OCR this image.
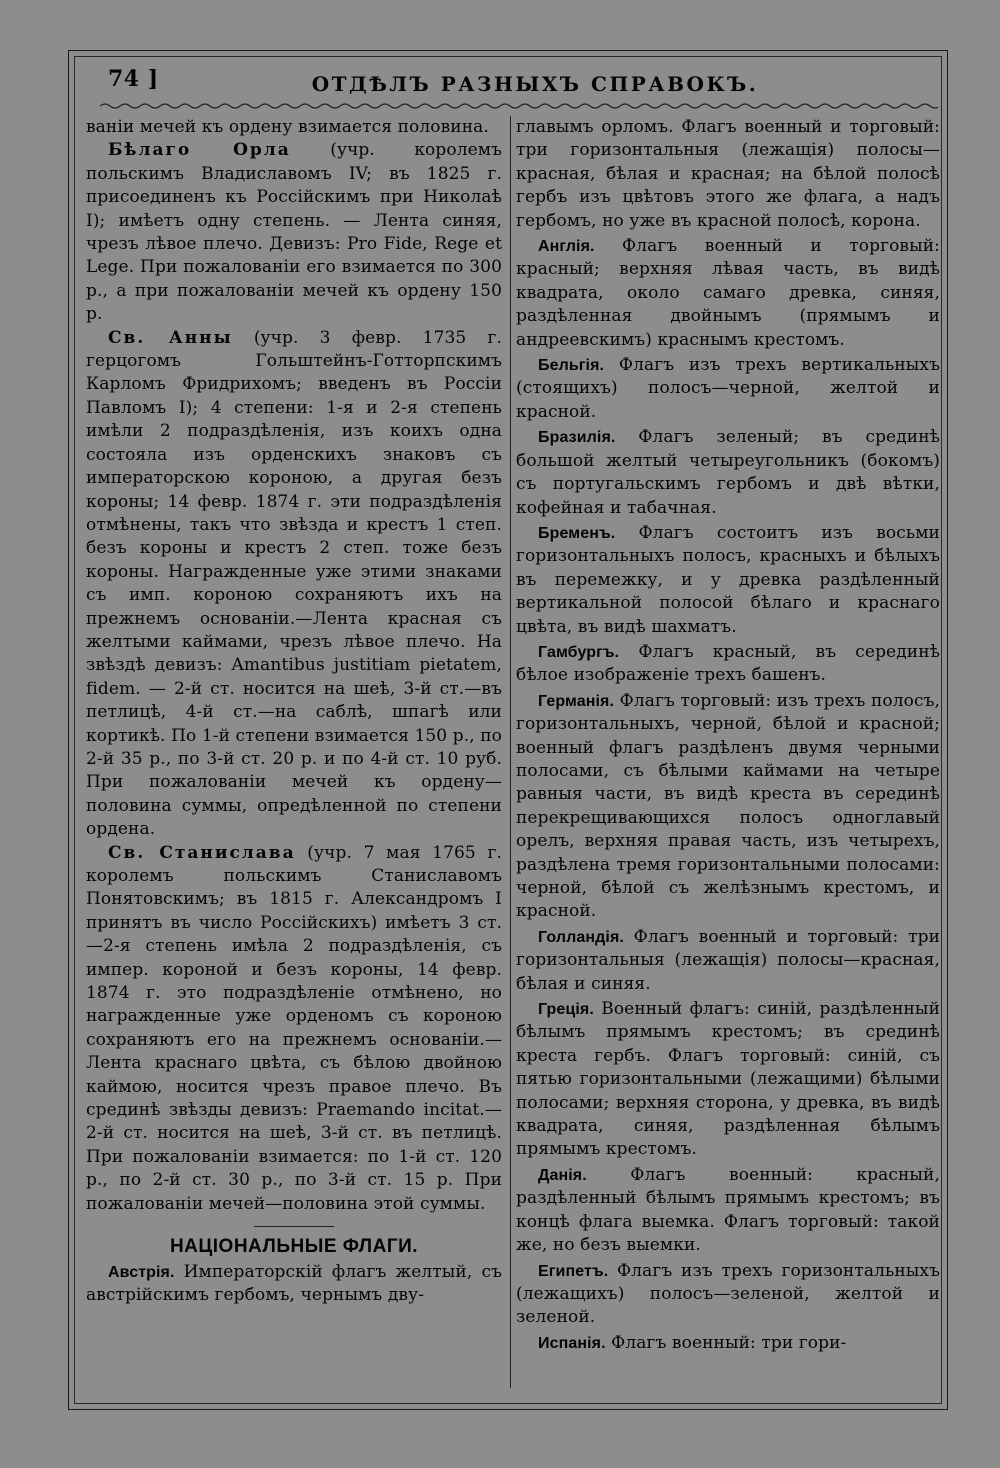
74 ]	ОТДѢЛЪ РАЗНЫХЪ СПРАВОКЪ.

ваніи мечей къ ордену взимается половина.

Бѣлаго Орла (учр. королемъ польскимъ Владиславомъ IV; въ 1825 г. присоединенъ къ Россійскимъ при Николаѣ I); имѣетъ одну степень. — Лента синяя, чрезъ лѣвое плечо. Девизъ: Pro Fide, Rege et Lege. При пожалованіи его взимается по 300 р., а при пожалованіи мечей къ ордену 150 р.

Св. Анны (учр. 3 февр. 1735 г. герцогомъ Гольштейнъ-Готторпскимъ Карломъ Фридрихомъ; введенъ въ Россіи Павломъ I); 4 степени: 1-я и 2-я степень имѣли 2 подраздѣленія, изъ коихъ одна состояла изъ орденскихъ знаковъ съ императорскою короною, а другая безъ короны; 14 февр. 1874 г. эти подраздѣленія отмѣнены, такъ что звѣзда и крестъ 1 степ. безъ короны и крестъ 2 степ. тоже безъ короны. Награжденные уже этими знаками съ имп. короною сохраняютъ ихъ на прежнемъ основаніи.—Лента красная съ желтыми каймами, чрезъ лѣвое плечо. На звѣздѣ девизъ: Amantibus justitiam pietatem, fidem. — 2-й ст. носится на шеѣ, 3-й ст.—въ петлицѣ, 4-й ст.—на саблѣ, шпагѣ или кортикѣ. По 1-й степени взимается 150 р., по 2-й 35 р., по 3-й ст. 20 р. и по 4-й ст. 10 руб. При пожалованіи мечей къ ордену—половина суммы, опредѣленной по степени ордена.

Св. Станислава (учр. 7 мая 1765 г. королемъ польскимъ Станиславомъ Понятовскимъ; въ 1815 г. Александромъ I принятъ въ число Россійскихъ) имѣетъ 3 ст.—2-я степень имѣла 2 подраздѣленія, съ импер. короной и безъ короны, 14 февр. 1874 г. это подраздѣленіе отмѣнено, но награжденные уже орденомъ съ короною сохраняютъ его на прежнемъ основаніи.—Лента краснаго цвѣта, съ бѣлою двойною каймою, носится чрезъ правое плечо. Въ срединѣ звѣзды девизъ: Praemando incitat.—2-й ст. носится на шеѣ, 3-й ст. въ петлицѣ. При пожалованіи взимается: по 1-й ст. 120 р., по 2-й ст. 30 р., по 3-й ст. 15 р. При пожалованіи мечей—половина этой суммы.

НАЦІОНАЛЬНЫЕ ФЛАГИ.

Австрія. Императорскій флагъ желтый, съ австрійскимъ гербомъ, чернымъ дву-

главымъ орломъ. Флагъ военный и торговый: три горизонтальныя (лежащія) полосы—красная, бѣлая и красная; на бѣлой полосѣ гербъ изъ цвѣтовъ этого же флага, а надъ гербомъ, но уже въ красной полосѣ, корона.

Англія. Флагъ военный и торговый: красный; верхняя лѣвая часть, въ видѣ квадрата, около самаго древка, синяя, раздѣленная двойнымъ (прямымъ и андреевскимъ) краснымъ крестомъ.

Бельгія. Флагъ изъ трехъ вертикальныхъ (стоящихъ) полосъ—черной, желтой и красной.

Бразилія. Флагъ зеленый; въ срединѣ большой желтый четыреугольникъ (бокомъ) съ португальскимъ гербомъ и двѣ вѣтки, кофейная и табачная.

Бременъ. Флагъ состоитъ изъ восьми горизонтальныхъ полосъ, красныхъ и бѣлыхъ въ перемежку, и у древка раздѣленный вертикальной полосой бѣлаго и краснаго цвѣта, въ видѣ шахматъ.

Гамбургъ. Флагъ красный, въ серединѣ бѣлое изображеніе трехъ башенъ.

Германія. Флагъ торговый: изъ трехъ полосъ, горизонтальныхъ, черной, бѣлой и красной; военный флагъ раздѣленъ двумя черными полосами, съ бѣлыми каймами на четыре равныя части, въ видѣ креста въ серединѣ перекрещивающихся полосъ одноглавый орелъ, верхняя правая часть, изъ четырехъ, раздѣлена тремя горизонтальными полосами: черной, бѣлой съ желѣзнымъ крестомъ, и красной.

Голландія. Флагъ военный и торговый: три горизонтальныя (лежащія) полосы—красная, бѣлая и синяя.

Греція. Военный флагъ: синій, раздѣленный бѣлымъ прямымъ крестомъ; въ срединѣ креста гербъ. Флагъ торговый: синій, съ пятью горизонтальными (лежащими) бѣлыми полосами; верхняя сторона, у древка, въ видѣ квадрата, синяя, раздѣленная бѣлымъ прямымъ крестомъ.

Данія. Флагъ военный: красный, раздѣленный бѣлымъ прямымъ крестомъ; въ концѣ флага выемка. Флагъ торговый: такой же, но безъ выемки.

Египетъ. Флагъ изъ трехъ горизонтальныхъ (лежащихъ) полосъ—зеленой, желтой и зеленой.

Испанія. Флагъ военный: три гори-
